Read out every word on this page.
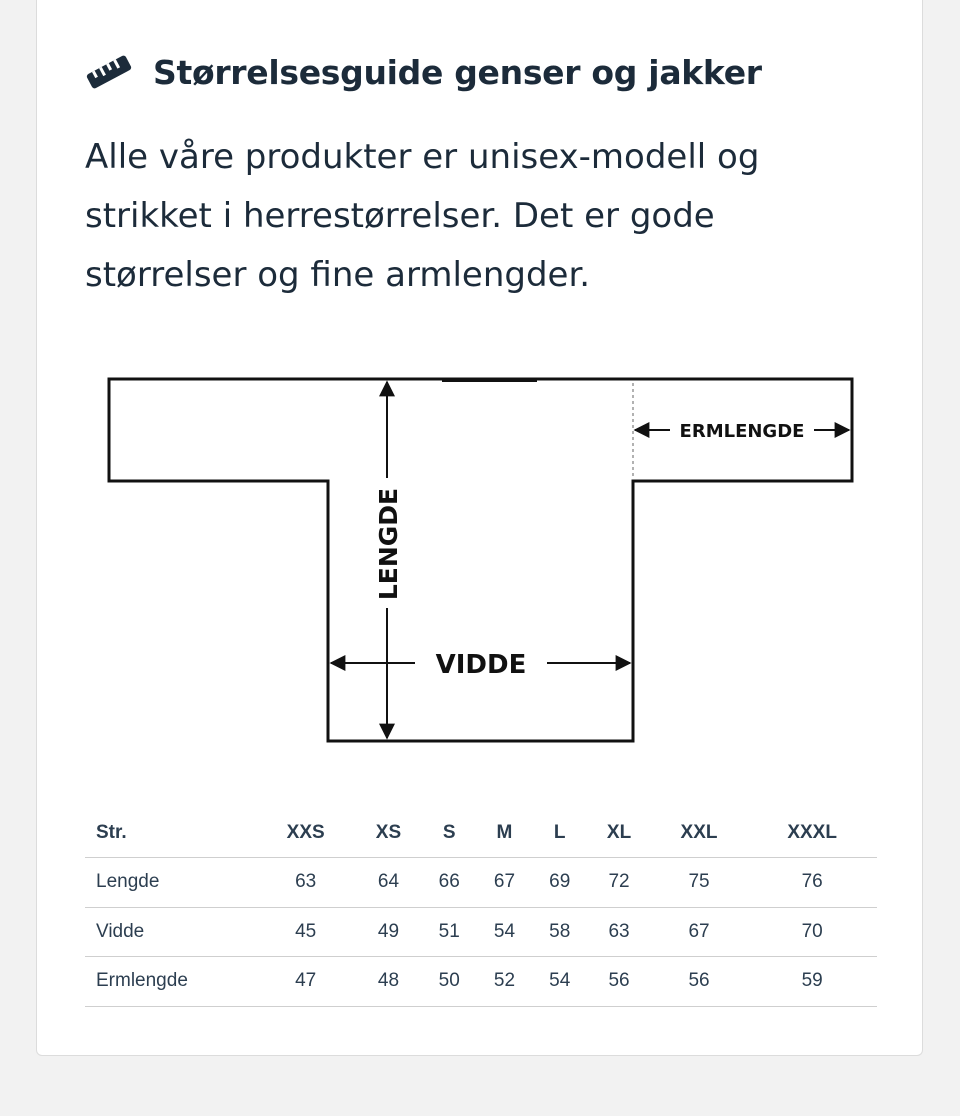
Størrelsesguide genser og jakker

Alle våre produkter er unisex-modell og strikket i herrestørrelser. Det er gode størrelser og fine armlengder.

LENGDE
VIDDE
ERMLENGDE
Str.	XXS	XS	S	M	L	XL	XXL	XXXL
Lengde	63	64	66	67	69	72	75	76
Vidde	45	49	51	54	58	63	67	70
Ermlengde	47	48	50	52	54	56	56	59
